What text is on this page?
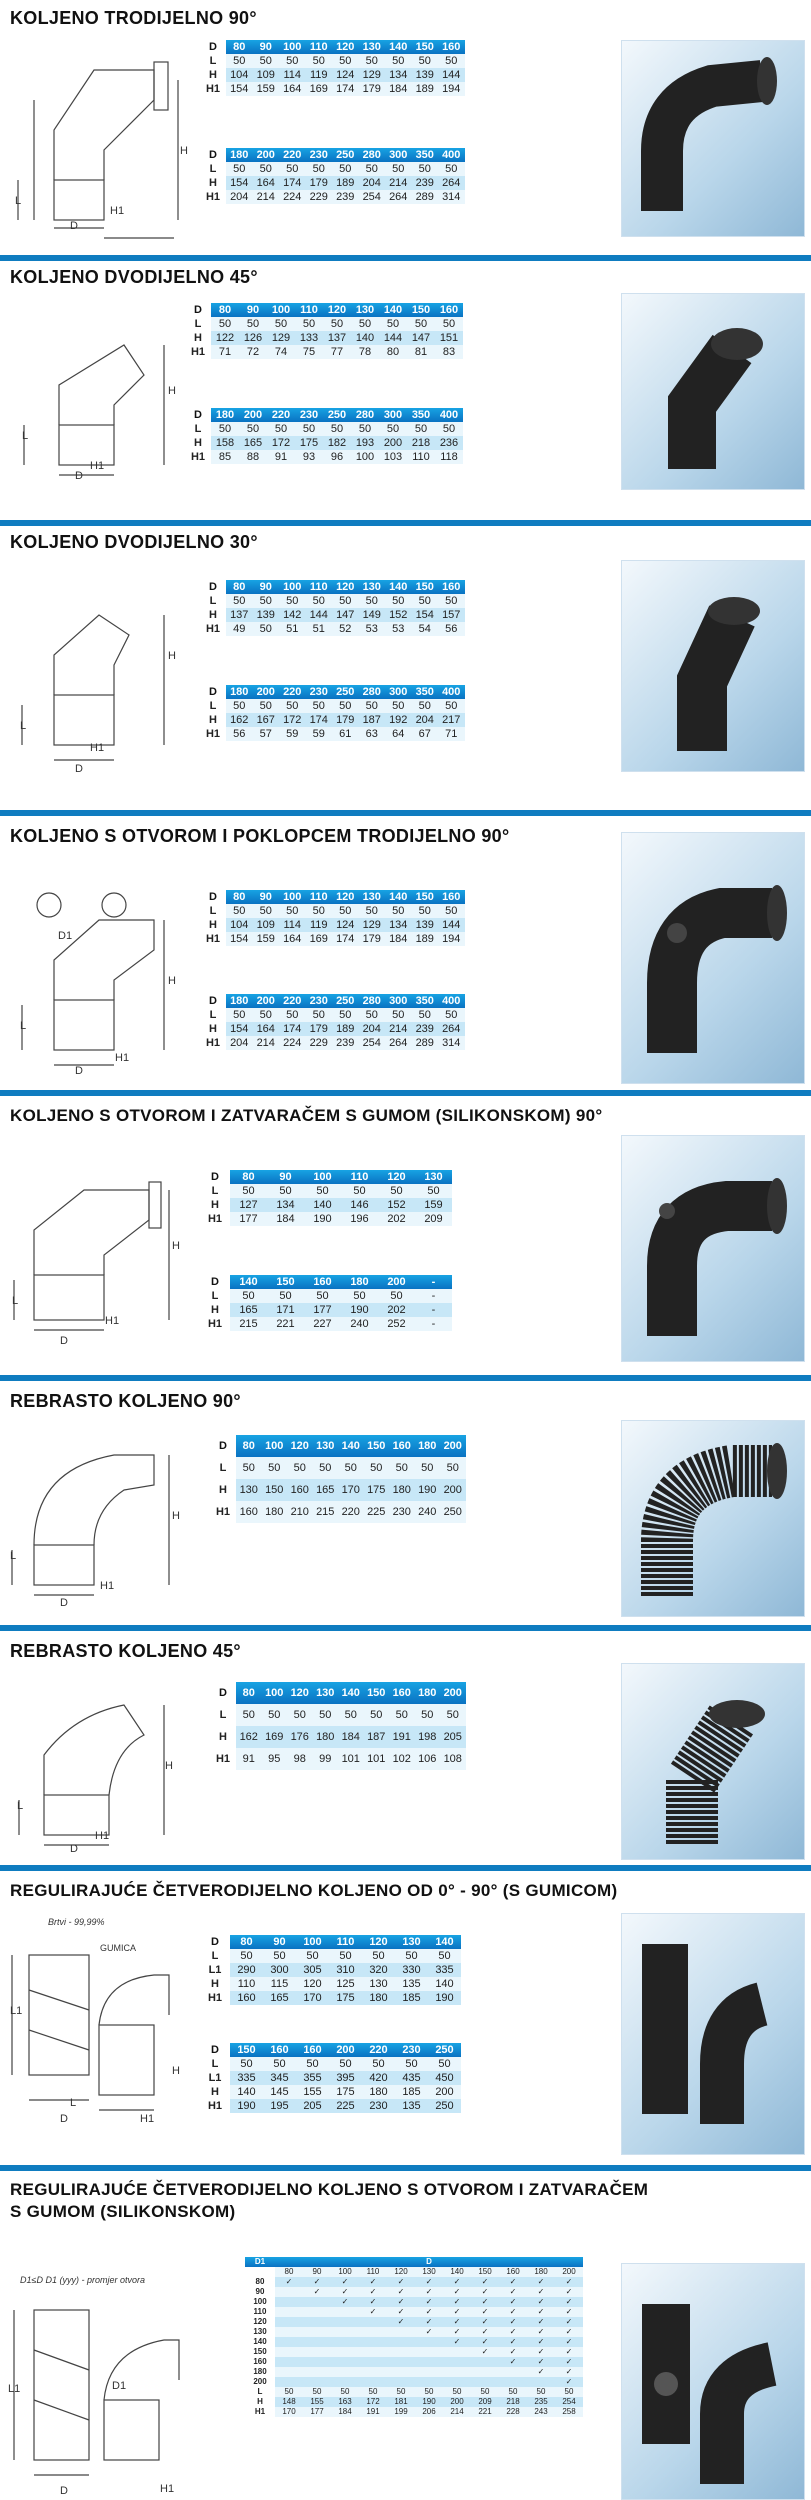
KOLJENO TRODIJELNO 90°
L
D
H1
H
D	80	90	100	110	120	130	140	150	160
L	50	50	50	50	50	50	50	50	50
H	104	109	114	119	124	129	134	139	144
H1	154	159	164	169	174	179	184	189	194
D	180	200	220	230	250	280	300	350	400
L	50	50	50	50	50	50	50	50	50
H	154	164	174	179	189	204	214	239	264
H1	204	214	224	229	239	254	264	289	314
KOLJENO DVODIJELNO 45°
L
D
H1
H
D	80	90	100	110	120	130	140	150	160
L	50	50	50	50	50	50	50	50	50
H	122	126	129	133	137	140	144	147	151
H1	71	72	74	75	77	78	80	81	83
D	180	200	220	230	250	280	300	350	400
L	50	50	50	50	50	50	50	50	50
H	158	165	172	175	182	193	200	218	236
H1	85	88	91	93	96	100	103	110	118
KOLJENO DVODIJELNO 30°
L
D
H1
H
D	80	90	100	110	120	130	140	150	160
L	50	50	50	50	50	50	50	50	50
H	137	139	142	144	147	149	152	154	157
H1	49	50	51	51	52	53	53	54	56
D	180	200	220	230	250	280	300	350	400
L	50	50	50	50	50	50	50	50	50
H	162	167	172	174	179	187	192	204	217
H1	56	57	59	59	61	63	64	67	71
KOLJENO S OTVOROM I POKLOPCEM TRODIJELNO 90°
D1
L
D
H1
H
D	80	90	100	110	120	130	140	150	160
L	50	50	50	50	50	50	50	50	50
H	104	109	114	119	124	129	134	139	144
H1	154	159	164	169	174	179	184	189	194
D	180	200	220	230	250	280	300	350	400
L	50	50	50	50	50	50	50	50	50
H	154	164	174	179	189	204	214	239	264
H1	204	214	224	229	239	254	264	289	314
KOLJENO S OTVOROM I ZATVARAČEM S GUMOM (SILIKONSKOM) 90°
L
D
H1
H
D	80	90	100	110	120	130
L	50	50	50	50	50	50
H	127	134	140	146	152	159
H1	177	184	190	196	202	209
D	140	150	160	180	200	-
L	50	50	50	50	50	-
H	165	171	177	190	202	-
H1	215	221	227	240	252	-
REBRASTO KOLJENO 90°
L
D
H1
H
D	80	100	120	130	140	150	160	180	200
L	50	50	50	50	50	50	50	50	50
H	130	150	160	165	170	175	180	190	200
H1	160	180	210	215	220	225	230	240	250
REBRASTO KOLJENO 45°
L
D
H1
H
D	80	100	120	130	140	150	160	180	200
L	50	50	50	50	50	50	50	50	50
H	162	169	176	180	184	187	191	198	205
H1	91	95	98	99	101	101	102	106	108
REGULIRAJUĆE ČETVERODIJELNO KOLJENO OD 0° - 90° (S GUMICOM)
Brtvi - 99,99%
GUMICA
L1
L
D
H
H1
D	80	90	100	110	120	130	140
L	50	50	50	50	50	50	50
L1	290	300	305	310	320	330	335
H	110	115	120	125	130	135	140
H1	160	165	170	175	180	185	190
D	150	160	160	200	220	230	250
L	50	50	50	50	50	50	50
L1	335	345	355	395	420	435	450
H	140	145	155	175	180	185	200
H1	190	195	205	225	230	135	250
REGULIRAJUĆE ČETVERODIJELNO KOLJENO S OTVOROM I ZATVARAČEM S GUMOM (SILIKONSKOM)
D1≤D D1 (yyy) - promjer otvora
D1
L1
D	H1
D1	D										
	80	90	100	110	120	130	140	150	160	180	200
80	✓	✓	✓	✓	✓	✓	✓	✓	✓	✓	✓
90		✓	✓	✓	✓	✓	✓	✓	✓	✓	✓
100			✓	✓	✓	✓	✓	✓	✓	✓	✓
110				✓	✓	✓	✓	✓	✓	✓	✓
120					✓	✓	✓	✓	✓	✓	✓
130						✓	✓	✓	✓	✓	✓
140							✓	✓	✓	✓	✓
150								✓	✓	✓	✓
160									✓	✓	✓
180										✓	✓
200											✓
L	50	50	50	50	50	50	50	50	50	50	50
H	148	155	163	172	181	190	200	209	218	235	254
H1	170	177	184	191	199	206	214	221	228	243	258
